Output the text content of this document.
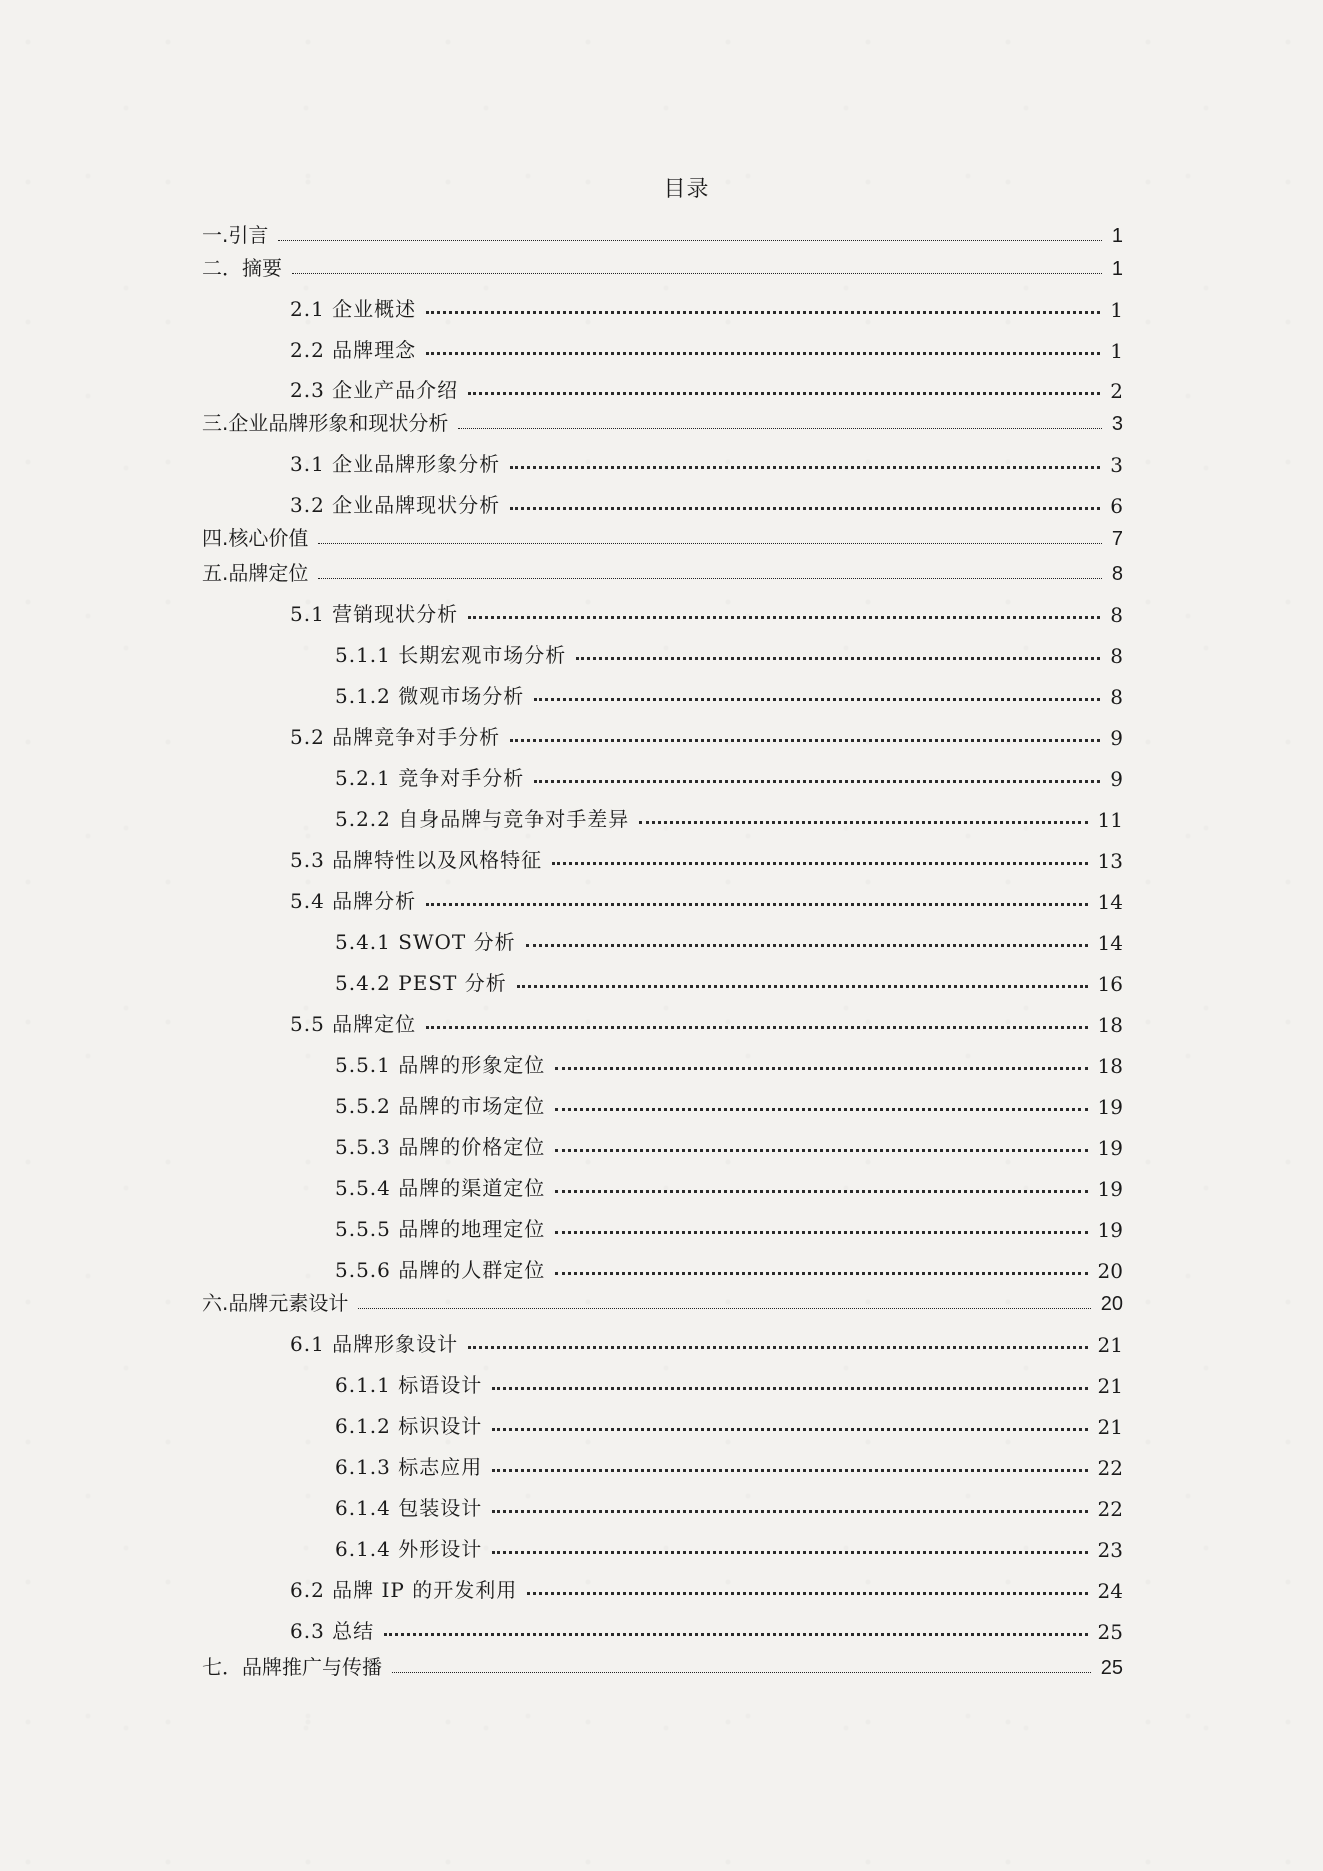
目录
一.引言	1
二．摘要	1
2.1 企业概述	1
2.2 品牌理念	1
2.3 企业产品介绍	2
三.企业品牌形象和现状分析	3
3.1 企业品牌形象分析	3
3.2 企业品牌现状分析	6
四.核心价值	7
五.品牌定位	8
5.1 营销现状分析	8
5.1.1 长期宏观市场分析	8
5.1.2 微观市场分析	8
5.2 品牌竞争对手分析	9
5.2.1 竞争对手分析	9
5.2.2 自身品牌与竞争对手差异	11
5.3 品牌特性以及风格特征	13
5.4 品牌分析	14
5.4.1 SWOT 分析	14
5.4.2 PEST 分析	16
5.5 品牌定位	18
5.5.1 品牌的形象定位	18
5.5.2 品牌的市场定位	19
5.5.3 品牌的价格定位	19
5.5.4 品牌的渠道定位	19
5.5.5 品牌的地理定位	19
5.5.6 品牌的人群定位	20
六.品牌元素设计	20
6.1 品牌形象设计	21
6.1.1 标语设计	21
6.1.2 标识设计	21
6.1.3 标志应用	22
6.1.4 包装设计	22
6.1.4 外形设计	23
6.2 品牌 IP 的开发利用	24
6.3 总结	25
七．品牌推广与传播	25
